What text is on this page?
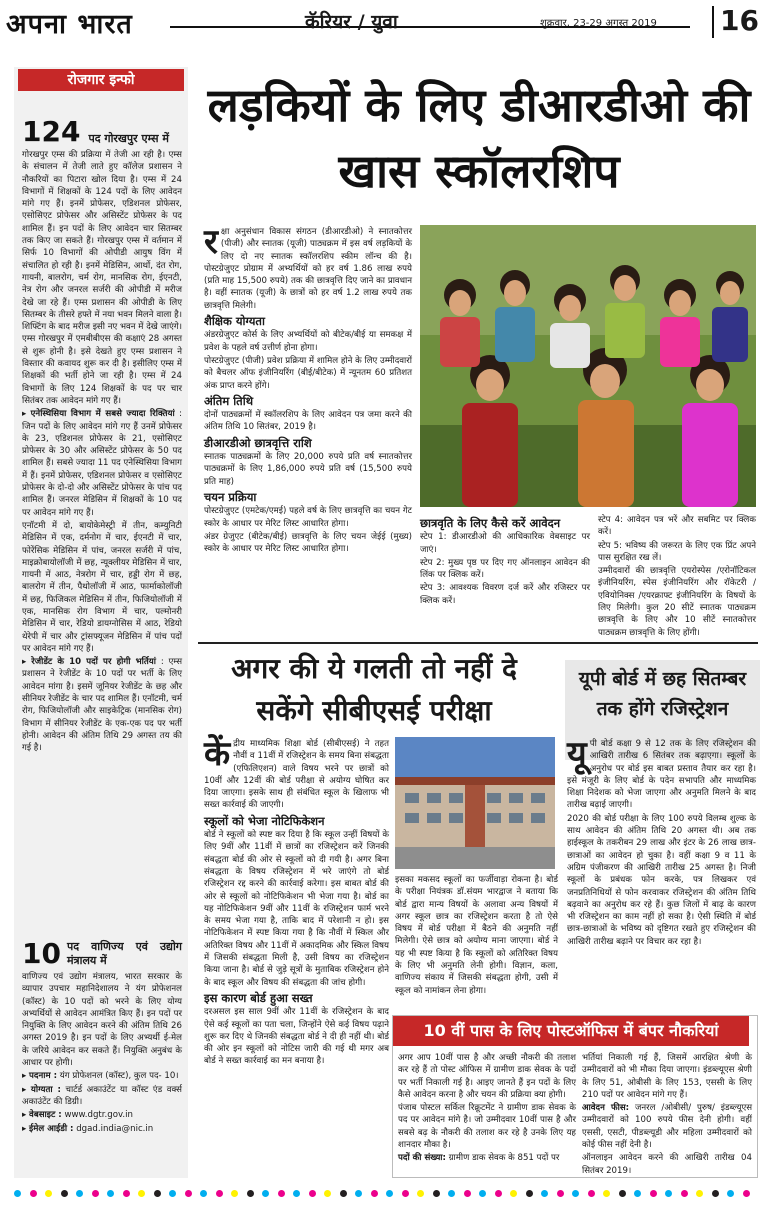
अपना भारत	कॅरियर / युवा	शुक्रवार, 23-29 अगस्त 2019 16
रोजगार इन्फो
124 पद गोरखपुर एम्स में

गोरखपुर एम्स की प्रक्रिया में तेजी आ रही है। एम्स के संचालन में तेजी लाते हुए कॉलेज प्रशासन ने नौकरियों का पिटारा खोल दिया है। एम्स में 24 विभागों में शिक्षकों के 124 पदों के लिए आवेदन मांगे गए हैं। इनमें प्रोफेसर, एडिशनल प्रोफेसर, एसोसिएट प्रोफेसर और असिस्टेंट प्रोफेसर के पद शामिल हैं। इन पदों के लिए आवेदन चार सितम्बर तक किए जा सकते हैं। गोरखपुर एम्स में वर्तमान में सिर्फ 10 विभागों की ओपीडी आयुष विंग में संचालित हो रही है। इनमें मेडिसिन, आर्थो, दंत रोग, गायनी, बालरोग, चर्म रोग, मानसिक रोग, ईएनटी, नेत्र रोग और जनरल सर्जरी की ओपीडी में मरीज देखे जा रहे हैं। एम्स प्रशासन की ओपीडी के लिए सितम्बर के तीसरे हफ्ते में नया भवन मिलने वाला है। शिफ्टिंग के बाद मरीज इसी नए भवन में देखे जाएंगे। एम्स गोरखपुर में एमबीबीएस की कक्षाएं 28 अगस्त से शुरू होनी है। इसे देखते हुए एम्स प्रशासन ने विस्तार की कवायद शुरू कर दी है। इसीलिए एम्स में शिक्षकों की भर्ती होने जा रही है। एम्स में 24 विभागों के लिए 124 शिक्षकों के पद पर चार सितंबर तक आवेदन मांगे गए हैं।

▸ एनेस्थिसिया विभाग में सबसे ज्यादा रिक्तियां : जिन पदों के लिए आवेदन मांगे गए हैं उनमें प्रोफेसर के 23, एडिशनल प्रोफेसर के 21, एसोसिएट प्रोफेसर के 30 और असिस्टेंट प्रोफेसर के 50 पद शामिल हैं। सबसे ज्यादा 11 पद एनेस्थिसिया विभाग में हैं। इनमें प्रोफेसर, एडिशनल प्रोफेसर व एसोसिएट प्रोफेसर के दो-दो और असिस्टेंट प्रोफेसर के पांच पद शामिल हैं। जनरल मेडिसिन में शिक्षकों के 10 पद पर आवेदन मांगे गए हैं।

एनॉटमी में दो, बायोकेमेस्ट्री में तीन, कम्युनिटी मेडिसिन में एक, दर्मनोग में चार, ईएनटी में चार, फोरेंसिक मेडिसिन में पांच, जनरल सर्जरी में पांच, माइक्रोबायोलॉजी में छह, न्यूक्लीयर मेडिसिन में चार, गायनी में आठ, नेत्ररोग में चार, हड्डी रोग में छह, बालरोग में तीन, पैथोलॉजी में आठ, फार्माकोलॉजी में छह, फिजिकल मेडिसिन में तीन, फिजियोलॉजी में एक, मानसिक रोग विभाग में चार, पल्मोनरी मेडिसिन में चार, रेडियो डायग्नोसिस में आठ, रेडियो थेरेपी में चार और ट्रांसफ्यूजन मेडिसिन में पांच पदों पर आवेदन मांगे गए हैं।

▸ रेजीडेंट के 10 पदों पर होगी भर्तियां : एम्स प्रशासन ने रेजीडेंट के 10 पदों पर भर्ती के लिए आवेदन मांगा है। इसमें जूनियर रेजीडेंट के छह और सीनियर रेजीडेंट के चार पद शामिल हैं। एनॉटमी, चर्म रोग, फिजियोलॉजी और साइकेट्रिक (मानसिक रोग) विभाग में सीनियर रेजीडेंट के एक-एक पद पर भर्ती होनी। आवेदन की अंतिम तिथि 29 अगस्त तय की गई है।

10 पद वाणिज्य एवं उद्योग मंत्रालय में

वाणिज्य एवं उद्योग मंत्रालय, भारत सरकार के व्यापार उपचार महानिदेशालय ने यंग प्रोफेशनल (कॉस्ट) के 10 पदों को भरने के लिए योग्य अभ्यर्थियों से आवेदन आमंत्रित किए हैं। इन पदों पर नियुक्ति के लिए आवेदन करने की अंतिम तिथि 26 अगस्त 2019 है। इन पदों के लिए अभ्यर्थी ई-मेल के जरिये आवेदन कर सकते हैं। नियुक्ति अनुबंध के आधार पर होगी।

▸ पदनाम : यंग प्रोफेशनल (कॉस्ट), कुल पद- 10।

▸ योग्यता : चार्टर्ड अकाउंटेंट या कॉस्ट एंड वर्क्स अकाउंटेंट की डिग्री।

▸ वेबसाइट : www.dgtr.gov.in

▸ ईमेल आईडी : dgad.india@nic.in

लड़कियों के लिए डीआरडीओ की खास स्कॉलरशिप

रक्षा अनुसंधान विकास संगठन (डीआरडीओ) ने स्नातकोत्तर (पीजी) और स्नातक (यूजी) पाठ्यक्रम में इस वर्ष लड़कियों के लिए दो नए स्नातक स्कॉलरशिप स्कीम लॉन्च की है। पोस्टग्रेजुएट प्रोग्राम में अभ्यर्थियों को हर वर्ष 1.86 लाख रुपये (प्रति माह 15,500 रुपये) तक की छात्रवृत्ति दिए जाने का प्रावधान है। वहीं स्नातक (यूजी) के छात्रों को हर वर्ष 1.2 लाख रुपये तक छात्रवृत्ति मिलेगी।

शैक्षिक योग्यता

अंडरग्रेजुएट कोर्स के लिए अभ्यर्थियों को बीटेक/बीई या समकक्ष में प्रवेश के पहले वर्ष उत्तीर्ण होना होगा।

पोस्टग्रेजुएट (पीजी) प्रवेश प्रक्रिया में शामिल होने के लिए उम्मीदवारों को बैचलर ऑफ इंजीनियरिंग (बीई/बीटेक) में न्यूनतम 60 प्रतिशत अंक प्राप्त करने होंगे।

अंतिम तिथि

दोनों पाठ्यक्रमों में स्कॉलरशिप के लिए आवेदन पत्र जमा करने की अंतिम तिथि 10 सितंबर, 2019 है।

डीआरडीओ छात्रवृत्ति राशि

स्नातक पाठ्यक्रमों के लिए 20,000 रुपये प्रति वर्ष स्नातकोत्तर पाठ्यक्रमों के लिए 1,86,000 रुपये प्रति वर्ष (15,500 रुपये प्रति माह)

चयन प्रक्रिया

पोस्टग्रेजुएट (एमटेक/एमई) पहले वर्ष के लिए छात्रवृत्ति का चयन गेट स्कोर के आधार पर मेरिट लिस्ट आधारित होगा।

अंडर ग्रेजुएट (बीटेक/बीई) छात्रवृत्ति के लिए चयन जेईई (मुख्य) स्कोर के आधार पर मेरिट लिस्ट आधारित होगा।

छात्रवृति के लिए कैसे करें आवेदन

स्टेप 1: डीआरडीओ की आधिकारिक वेबसाइट पर जाएं।

स्टेप 2: मुख्य पृष्ठ पर दिए गए ऑनलाइन आवेदन की लिंक पर क्लिक करें।

स्टेप 3: आवश्यक विवरण दर्ज करें और रजिस्टर पर क्लिक करें।

स्टेप 4: आवेदन पत्र भरें और सबमिट पर क्लिक करें।

स्टेप 5: भविष्य की जरूरत के लिए एक प्रिंट अपने पास सुरक्षित रख लें।

उम्मीदवारों की छात्रवृत्ति एयरोस्पेस /एरोनॉटिकल इंजीनियरिंग, स्पेस इंजीनियरिंग और रॉकेटरी / एवियोनिक्स /एयरक्राफ्ट इंजीनियरिंग के विषयों के लिए मिलेगी। कुल 20 सीटें स्नातक पाठ्यक्रम छात्रवृत्ति के लिए और 10 सीटें स्नातकोत्तर पाठ्यक्रम छात्रवृत्ति के लिए होंगी।

अगर की ये गलती तो नहीं दे सकेंगे सीबीएसई परीक्षा

केंद्रीय माध्यमिक शिक्षा बोर्ड (सीबीएसई) ने तहत नौवीं व 11वीं में रजिस्ट्रेशन के समय बिना संबद्धता (एफिलिएशन) वाले विषय भरने पर छात्रों को 10वीं और 12वीं की बोर्ड परीक्षा से अयोग्य घोषित कर दिया जाएगा। इसके साथ ही संबंधित स्कूल के खिलाफ भी सख्त कार्रवाई की जाएगी।

स्कूलों को भेजा नोटिफिकेशन

बोर्ड ने स्कूलों को स्पष्ट कर दिया है कि स्कूल उन्हीं विषयों के लिए 9वीं और 11वीं में छात्रों का रजिस्ट्रेशन करें जिनकी संबद्धता बोर्ड की ओर से स्कूलों को दी गयी है। अगर बिना संबद्धता के विषय रजिस्ट्रेशन में भरे जाएंगे तो बोर्ड रजिस्ट्रेशन रद्द करने की कार्रवाई करेगा। इस बाबत बोर्ड की ओर से स्कूलों को नोटिफिकेशन भी भेजा गया है। बोर्ड का यह नोटिफिकेशन 9वीं और 11वीं के रजिस्ट्रेशन फार्म भरने के समय भेजा गया है, ताकि बाद में परेशानी न हो। इस नोटिफिकेशन में स्पष्ट किया गया है कि नौवीं में स्किल और अतिरिक्त विषय और 11वीं में अकादमिक और स्किल विषय में जिसकी संबद्धता मिली है, उसी विषय का रजिस्ट्रेशन किया जाना है। बोर्ड से जुड़े सूत्रों के मुताबिक रजिस्ट्रेशन होने के बाद स्कूल और विषय की संबद्धता की जांच होगी।

इस कारण बोर्ड हुआ सख्त

दरअसल इस साल 9वीं और 11वीं के रजिस्ट्रेशन के बाद ऐसे कई स्कूलों का पता चला, जिन्होंने ऐसे कई विषय पढ़ाने शुरू कर दिए थे जिनकी संबद्धता बोर्ड ने दी ही नहीं थी। बोर्ड की ओर इन स्कूलों को नोटिस जारी की गई थी मगर अब बोर्ड ने सख्त कार्रवाई का मन बनाया है।

इसका मकसद स्कूलों का फर्जीवाड़ा रोकना है। बोर्ड के परीक्षा नियंत्रक डॉ.संयम भारद्वाज ने बताया कि बोर्ड द्वारा मान्य विषयों के अलावा अन्य विषयों में अगर स्कूल छात्र का रजिस्ट्रेशन करता है तो ऐसे विषय में बोर्ड परीक्षा में बैठने की अनुमति नहीं मिलेगी। ऐसे छात्र को अयोग्य माना जाएगा। बोर्ड ने यह भी स्पष्ट किया है कि स्कूलों को अतिरिक्त विषय के लिए भी अनुमति लेनी होगी। विज्ञान, कला, वाणिज्य संकाय में जिसकी संबद्धता होगी, उसी में स्कूल को नामांकन लेना होगा।

यूपी बोर्ड में छह सितम्बर तक होंगे रजिस्ट्रेशन

यूपी बोर्ड कक्षा 9 से 12 तक के लिए रजिस्ट्रेशन की आखिरी तारीख 6 सितंबर तक बढ़ाएगा। स्कूलों के अनुरोध पर बोर्ड इस बाबत प्रस्ताव तैयार कर रहा है। इसे मंजूरी के लिए बोर्ड के पदेन सभापति और माध्यमिक शिक्षा निदेशक को भेजा जाएगा और अनुमति मिलने के बाद तारीख बढ़ाई जाएगी।

2020 की बोर्ड परीक्षा के लिए 100 रुपये विलम्ब शुल्क के साथ आवेदन की अंतिम तिथि 20 अगस्त थी। अब तक हाईस्कूल के तकरीबन 29 लाख और इंटर के 26 लाख छात्र-छात्राओं का आवेदन हो चुका है। वहीं कक्षा 9 व 11 के अग्रिम पंजीकरण की आखिरी तारीख 25 अगस्त है। निजी स्कूलों के प्रबंधक फोन करके, पत्र लिखकर एवं जनप्रतिनिधियों से फोन करवाकर रजिस्ट्रेशन की अंतिम तिथि बढ़वाने का अनुरोध कर रहे हैं। कुछ जिलों में बाढ़ के कारण भी रजिस्ट्रेशन का काम नहीं हो सका है। ऐसी स्थिति में बोर्ड छात्र-छात्राओं के भविष्य को दृष्टिगत रखते हुए रजिस्ट्रेशन की आखिरी तारीख बढ़ाने पर विचार कर रहा है।

10 वीं पास के लिए पोस्टऑफिस में बंपर नौकरियां

अगर आप 10वीं पास है और अच्छी नौकरी की तलाश कर रहे हैं तो पोस्ट ऑफिस में ग्रामीण डाक सेवक के पदों पर भर्ती निकाली गई है। आइए जानते हैं इन पदों के लिए कैसे आवेदन करना है और चयन की प्रक्रिया क्या होगी।

पंजाब पोस्टल सर्किल रिक्रूटमेंट ने ग्रामीण डाक सेवक के पद पर आवेदन मांगे है। जो उम्मीदवार 10वीं पास है और सबसे बढ़ के नौकरी की तलाश कर रहे है उनके लिए यह शानदार मौका है।

पदों की संख्या: ग्रामीण डाक सेवक के 851 पदों पर

भर्तियां निकाली गई हैं, जिसमें आरक्षित श्रेणी के उम्मीदवारों को भी मौका दिया जाएगा। इंडब्ल्यूएस श्रेणी के लिए 51, ओबीसी के लिए 153, एससी के लिए 210 पदों पर आवेदन मांगे गए हैं।

आवेदन फीस: जनरल /ओबीसी/ पुरुष/ इंडब्ल्यूएस उम्मीदवारों को 100 रुपये फीस देनी होगी। वहीं एससी, एसटी, पीडब्ल्यूडी और महिला उम्मीदवारों को कोई फीस नहीं देनी है।

ऑनलाइन आवेदन करने की आखिरी तारीख 04 सितंबर 2019।
